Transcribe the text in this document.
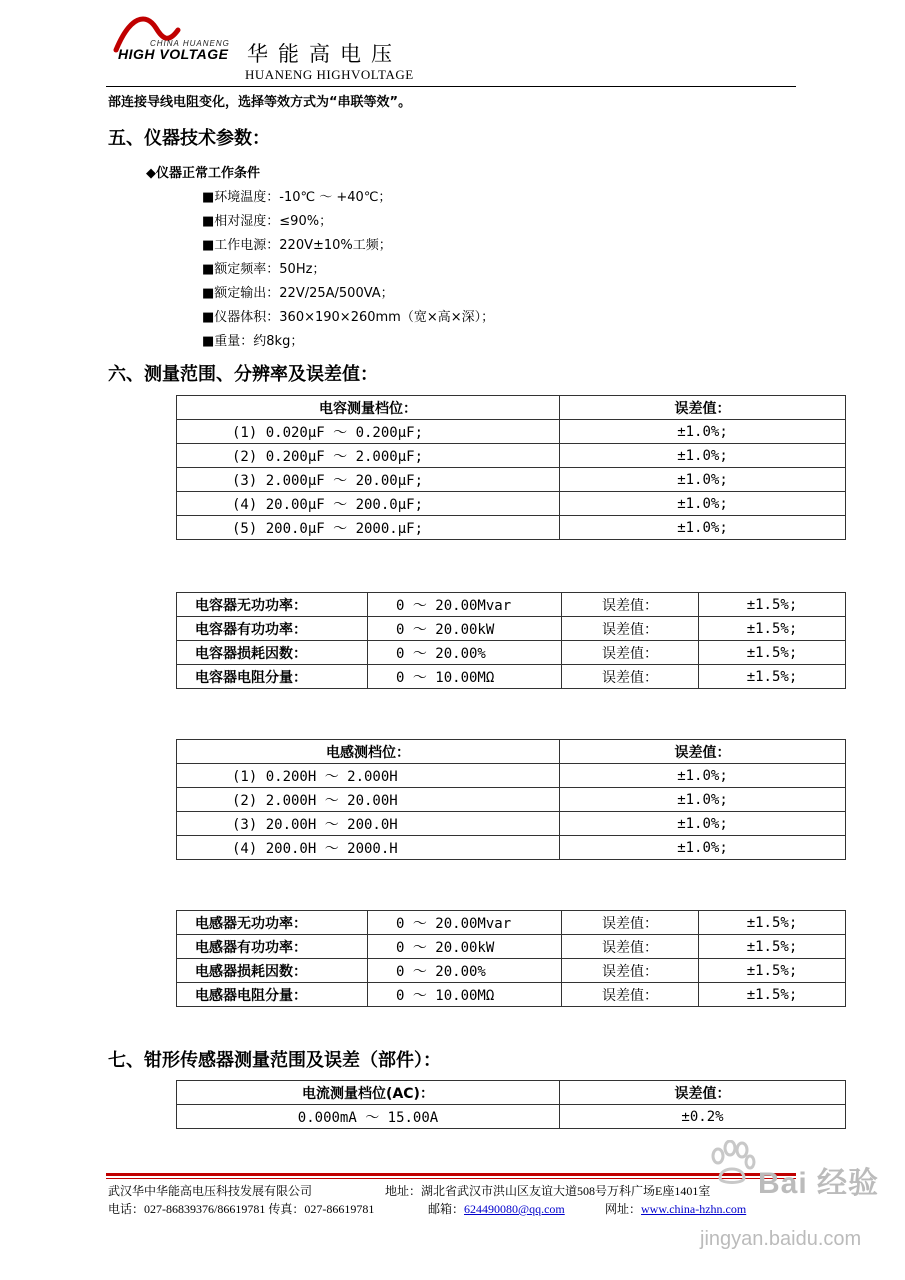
CHINA HUANENG
HIGH VOLTAGE 华能高电压
HUANENG HIGHVOLTAGE
部连接导线电阻变化，选择等效方式为“串联等效”。
五、仪器技术参数：
◆仪器正常工作条件
■环境温度：-10℃ ～ +40℃；
■相对湿度：≤90%；
■工作电源：220V±10%工频；
■额定频率：50Hz；
■额定输出：22V/25A/500VA；
■仪器体积：360×190×260mm（宽×高×深）；
■重量：约8kg；
六、测量范围、分辨率及误差值：
电容测量档位：	误差值：
(1) 0.020μF ～ 0.200μF;	±1.0%;
(2) 0.200μF ～ 2.000μF;	±1.0%;
(3) 2.000μF ～ 20.00μF;	±1.0%;
(4) 20.00μF ～ 200.0μF;	±1.0%;
(5) 200.0μF ～ 2000.μF;	±1.0%;
电容器无功功率：	0 ～ 20.00Mvar	误差值：	±1.5%;
电容器有功功率：	0 ～ 20.00kW	误差值：	±1.5%;
电容器损耗因数：	0 ～ 20.00%	误差值：	±1.5%;
电容器电阻分量：	0 ～ 10.00MΩ	误差值：	±1.5%;
电感测档位：	误差值：
(1) 0.200H ～ 2.000H	±1.0%;
(2) 2.000H ～ 20.00H	±1.0%;
(3) 20.00H ～ 200.0H	±1.0%;
(4) 200.0H ～ 2000.H	±1.0%;
电感器无功功率：	0 ～ 20.00Mvar	误差值：	±1.5%;
电感器有功功率：	0 ～ 20.00kW	误差值：	±1.5%;
电感器损耗因数：	0 ～ 20.00%	误差值：	±1.5%;
电感器电阻分量：	0 ～ 10.00MΩ	误差值：	±1.5%;
七、钳形传感器测量范围及误差（部件）：
电流测量档位(AC)：	误差值：
0.000mA ～ 15.00A	±0.2%
武汉华中华能高电压科技发展有限公司	地址：湖北省武汉市洪山区友谊大道508号万科广场E座1401室
电话：027-86839376/86619781 传真：027-86619781	邮箱：624490080@qq.com	网址：www.china-hzhn.com
Bai 经验
jingyan.baidu.com
